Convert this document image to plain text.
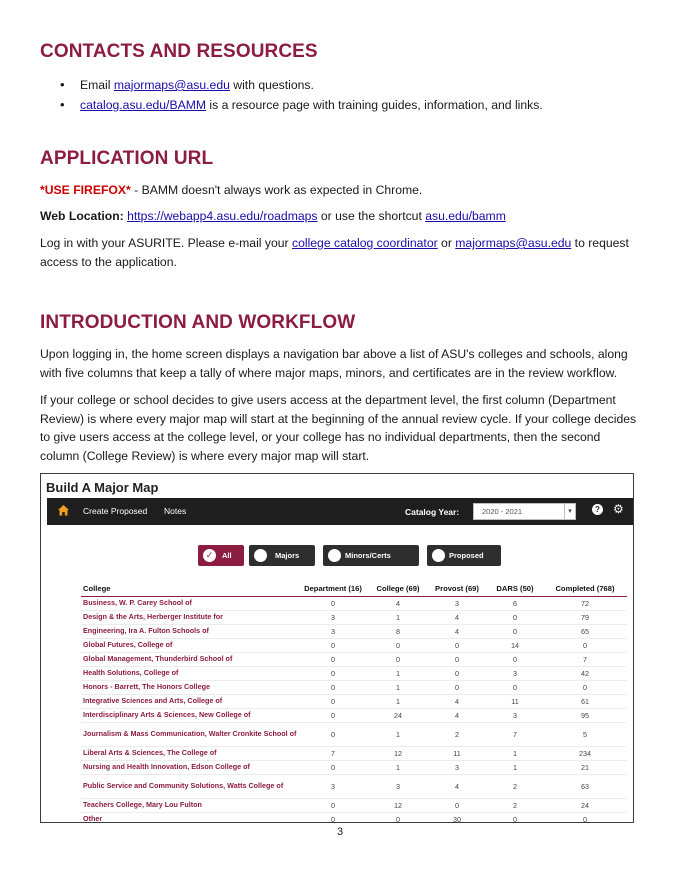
CONTACTS AND RESOURCES
• Email majormaps@asu.edu with questions.
• catalog.asu.edu/BAMM is a resource page with training guides, information, and links.
APPLICATION URL

*USE FIREFOX* - BAMM doesn't always work as expected in Chrome.

Web Location: https://webapp4.asu.edu/roadmaps or use the shortcut asu.edu/bamm

Log in with your ASURITE. Please e-mail your college catalog coordinator or majormaps@asu.edu to request access to the application.

INTRODUCTION AND WORKFLOW

Upon logging in, the home screen displays a navigation bar above a list of ASU's colleges and schools, along with five columns that keep a tally of where major maps, minors, and certificates are in the review workflow.

If your college or school decides to give users access at the department level, the first column (Department Review) is where every major map will start at the beginning of the annual review cycle. If your college decides to give users access at the college level, or your college has no individual departments, then the second column (College Review) is where every major map will start.

Build A Major Map
Create Proposed Notes	Catalog Year:	2020 - 2021	▾	? ⚙
✓	All	Majors	Minors/Certs	Proposed
College	Department (16)	College (69)	Provost (69)	DARS (50)	Completed (768)
Business, W. P. Carey School of	0	4	3	6	72
Design & the Arts, Herberger Institute for	3	1	4	0	79
Engineering, Ira A. Fulton Schools of	3	8	4	0	65
Global Futures, College of	0	0	0	14	0
Global Management, Thunderbird School of	0	0	0	0	7
Health Solutions, College of	0	1	0	3	42
Honors - Barrett, The Honors College	0	1	0	0	0
Integrative Sciences and Arts, College of	0	1	4	11	61
Interdisciplinary Arts & Sciences, New College of	0	24	4	3	95
Journalism & Mass Communication, Walter Cronkite School of	0	1	2	7	5
Liberal Arts & Sciences, The College of	7	12	11	1	234
Nursing and Health Innovation, Edson College of	0	1	3	1	21
Public Service and Community Solutions, Watts College of	3	3	4	2	63
Teachers College, Mary Lou Fulton	0	12	0	2	24
Other	0	0	30	0	0
3
